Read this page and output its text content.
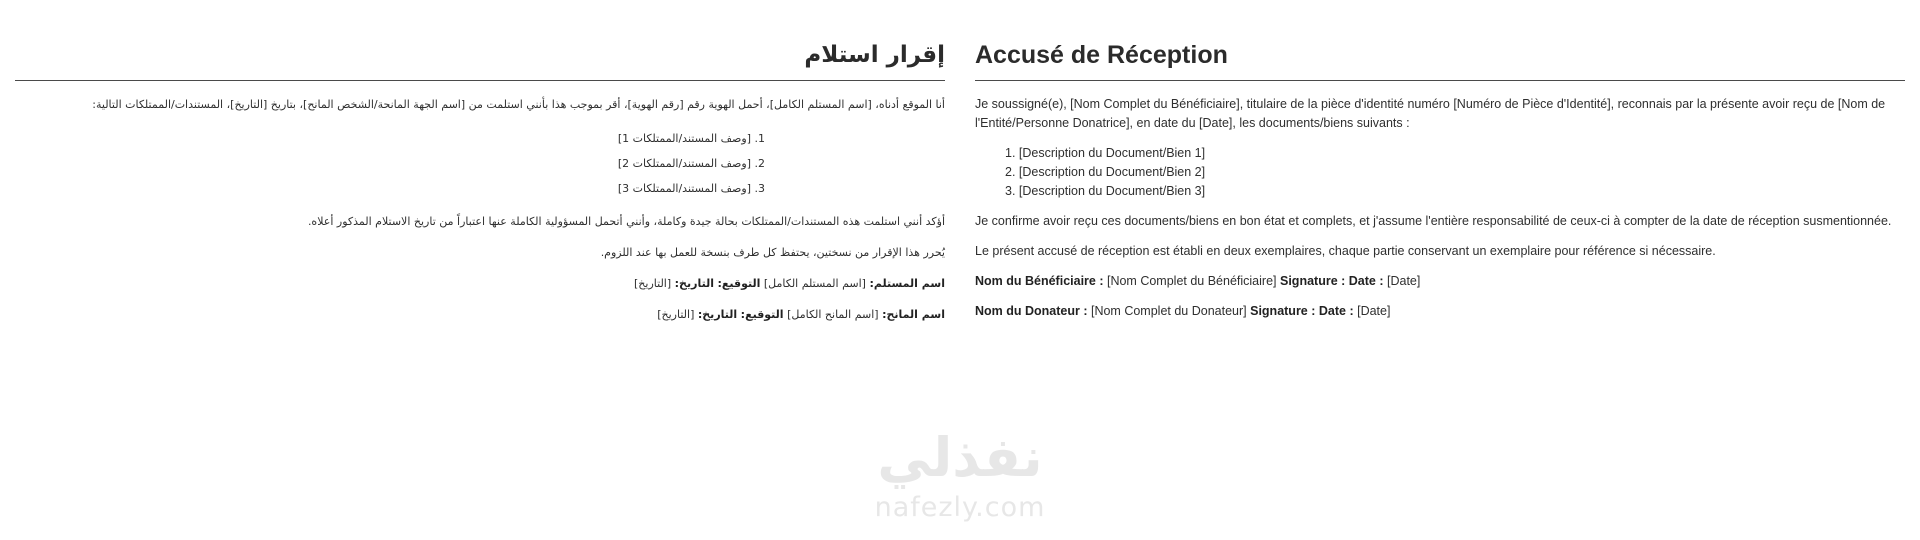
إقرار استلام

أنا الموقع أدناه، [اسم المستلم الكامل]، أحمل الهوية رقم [رقم الهوية]، أقر بموجب هذا بأنني استلمت من [اسم الجهة المانحة/الشخص المانح]، بتاريخ [التاريخ]، المستندات/الممتلكات التالية:

1. [وصف المستند/الممتلكات 1]
2. [وصف المستند/الممتلكات 2]
3. [وصف المستند/الممتلكات 3]

أؤكد أنني استلمت هذه المستندات/الممتلكات بحالة جيدة وكاملة، وأنني أتحمل المسؤولية الكاملة عنها اعتباراً من تاريخ الاستلام المذكور أعلاه.

يُحرر هذا الإقرار من نسختين، يحتفظ كل طرف بنسخة للعمل بها عند اللزوم.

اسم المستلم: [اسم المستلم الكامل] التوقيع: التاريخ: [التاريخ]

اسم المانح: [اسم المانح الكامل] التوقيع: التاريخ: [التاريخ]

Accusé de Réception

Je soussigné(e), [Nom Complet du Bénéficiaire], titulaire de la pièce d'identité numéro [Numéro de Pièce d'Identité], reconnais par la présente avoir reçu de [Nom de l'Entité/Personne Donatrice], en date du [Date], les documents/biens suivants :

1. [Description du Document/Bien 1]
2. [Description du Document/Bien 2]
3. [Description du Document/Bien 3]

Je confirme avoir reçu ces documents/biens en bon état et complets, et j'assume l'entière responsabilité de ceux-ci à compter de la date de réception susmentionnée.

Le présent accusé de réception est établi en deux exemplaires, chaque partie conservant un exemplaire pour référence si nécessaire.

Nom du Bénéficiaire : [Nom Complet du Bénéficiaire] Signature : Date : [Date]

Nom du Donateur : [Nom Complet du Donateur] Signature : Date : [Date]

نفذلي
nafezly.com
